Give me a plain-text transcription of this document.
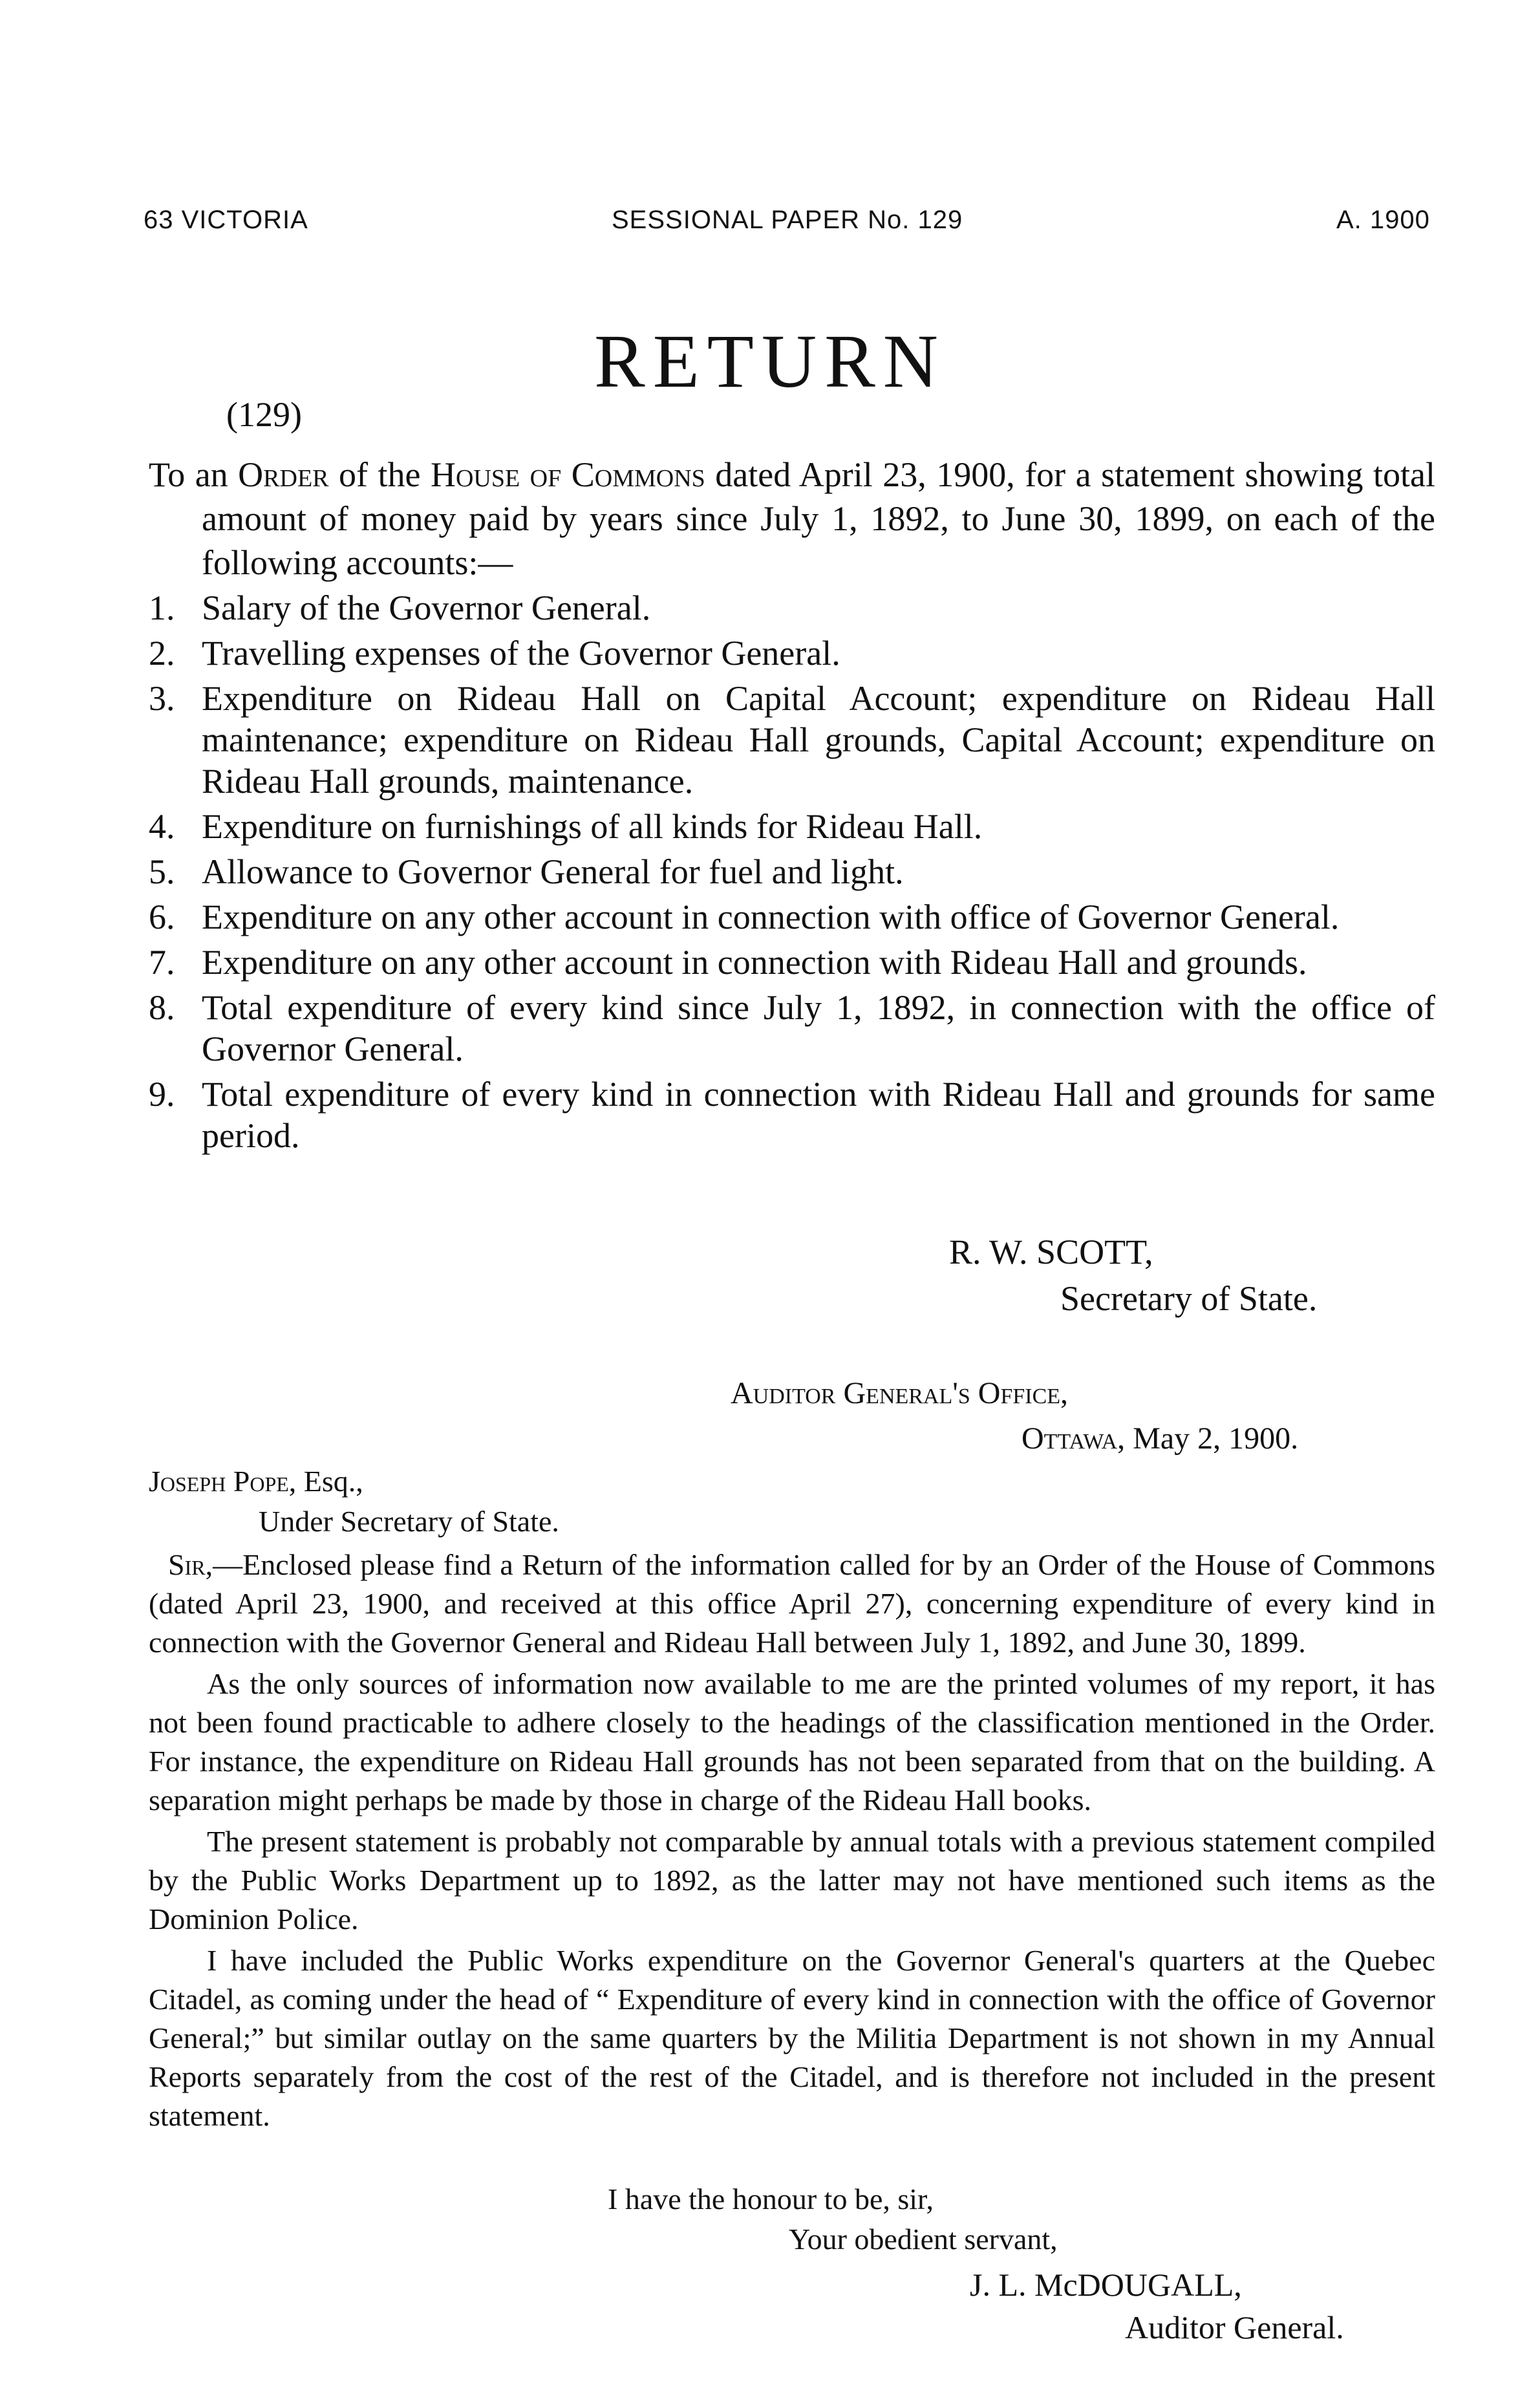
63 VICTORIA	SESSIONAL PAPER No. 129	A. 1900
RETURN
(129)
To an Order of the House of Commons dated April 23, 1900, for a statement showing total amount of money paid by years since July 1, 1892, to June 30, 1899, on each of the following accounts:—
1. Salary of the Governor General.
2. Travelling expenses of the Governor General.
3. Expenditure on Rideau Hall on Capital Account; expenditure on Rideau Hall maintenance; expenditure on Rideau Hall grounds, Capital Account; expenditure on Rideau Hall grounds, maintenance.
4. Expenditure on furnishings of all kinds for Rideau Hall.
5. Allowance to Governor General for fuel and light.
6. Expenditure on any other account in connection with office of Governor General.
7. Expenditure on any other account in connection with Rideau Hall and grounds.
8. Total expenditure of every kind since July 1, 1892, in connection with the office of Governor General.
9. Total expenditure of every kind in connection with Rideau Hall and grounds for same period.
R. W. SCOTT,
Secretary of State.
Auditor General's Office,
Ottawa, May 2, 1900.
Joseph Pope, Esq.,
Under Secretary of State.

Sir,—Enclosed please find a Return of the information called for by an Order of the House of Commons (dated April 23, 1900, and received at this office April 27), concerning expenditure of every kind in connection with the Governor General and Rideau Hall between July 1, 1892, and June 30, 1899.

As the only sources of information now available to me are the printed volumes of my report, it has not been found practicable to adhere closely to the headings of the classification mentioned in the Order. For instance, the expenditure on Rideau Hall grounds has not been separated from that on the building. A separation might perhaps be made by those in charge of the Rideau Hall books.

The present statement is probably not comparable by annual totals with a previous statement compiled by the Public Works Department up to 1892, as the latter may not have mentioned such items as the Dominion Police.

I have included the Public Works expenditure on the Governor General's quarters at the Quebec Citadel, as coming under the head of “ Expenditure of every kind in connection with the office of Governor General;” but similar outlay on the same quarters by the Militia Department is not shown in my Annual Reports separately from the cost of the rest of the Citadel, and is therefore not included in the present statement.

I have the honour to be, sir,
Your obedient servant,
J. L. McDOUGALL,
Auditor General.
